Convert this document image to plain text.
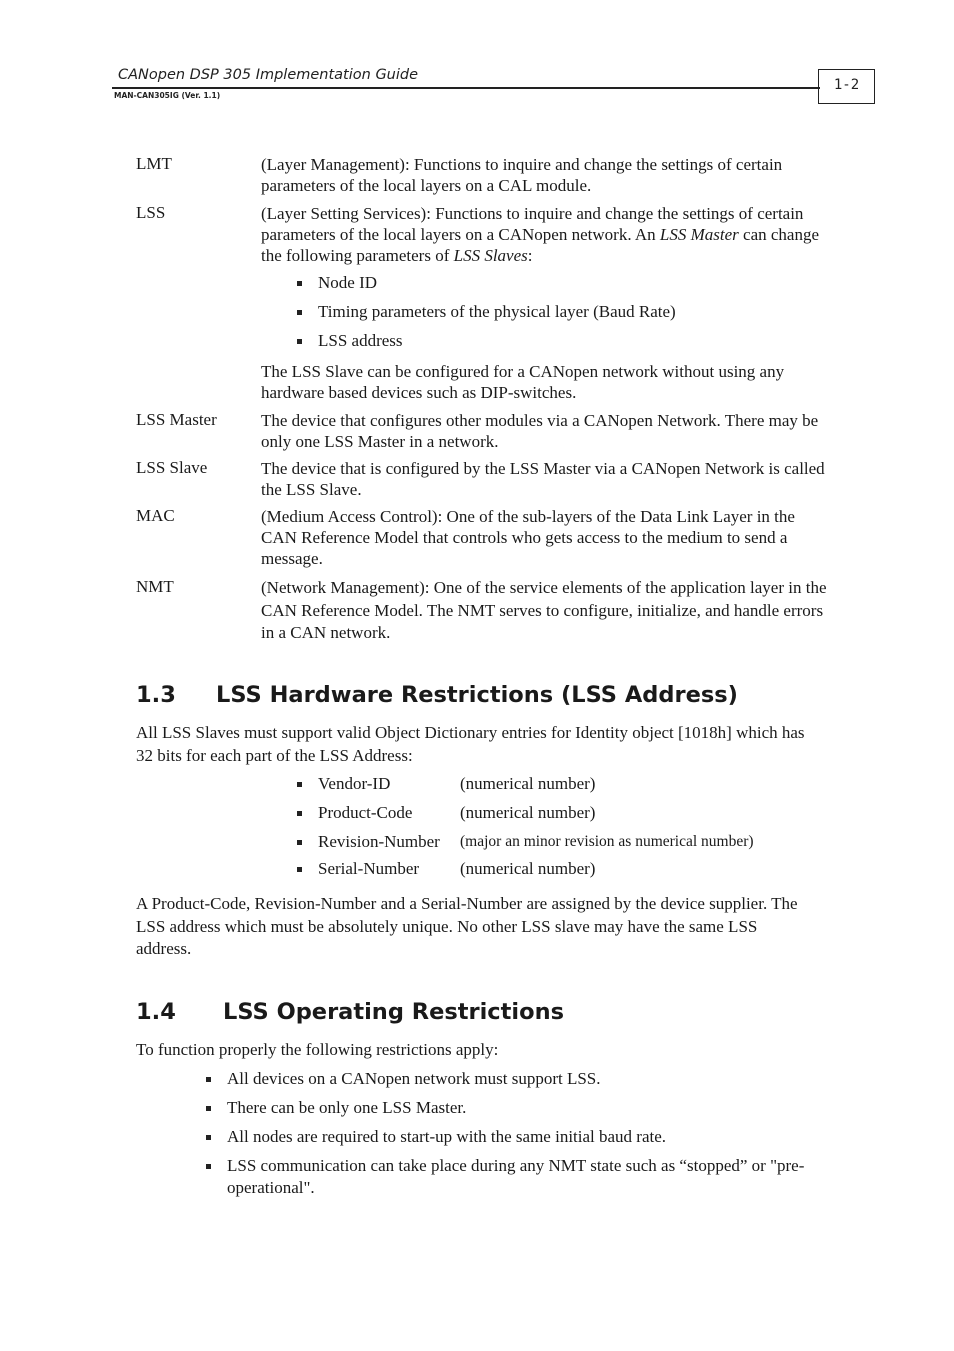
CANopen DSP 305 Implementation Guide
MAN-CAN305IG (Ver. 1.1)
1-2
LMT	(Layer Management): Functions to inquire and change the settings of certain parameters of the local layers on a CAL module.
LSS	(Layer Setting Services): Functions to inquire and change the settings of certain parameters of the local layers on a CANopen network. An LSS Master can change the following parameters of LSS Slaves:
Node ID
Timing parameters of the physical layer (Baud Rate)
LSS address
The LSS Slave can be configured for a CANopen network without using any hardware based devices such as DIP-switches.
LSS Master	The device that configures other modules via a CANopen Network. There may be only one LSS Master in a network.
LSS Slave	The device that is configured by the LSS Master via a CANopen Network is called the LSS Slave.
MAC	(Medium Access Control): One of the sub-layers of the Data Link Layer in the CAN Reference Model that controls who gets access to the medium to send a message.
NMT	(Network Management): One of the service elements of the application layer in the CAN Reference Model. The NMT serves to configure, initialize, and handle errors in a CAN network.
1.3 LSS Hardware Restrictions (LSS Address)
All LSS Slaves must support valid Object Dictionary entries for Identity object [1018h] which has 32 bits for each part of the LSS Address:
Vendor-ID	(numerical number)
Product-Code	(numerical number)
Revision-Number (major an minor revision as numerical number)
Serial-Number (numerical number)
A Product-Code, Revision-Number and a Serial-Number are assigned by the device supplier. The LSS address which must be absolutely unique. No other LSS slave may have the same LSS address.
1.4 LSS Operating Restrictions
To function properly the following restrictions apply:
All devices on a CANopen network must support LSS.
There can be only one LSS Master.
All nodes are required to start-up with the same initial baud rate.
LSS communication can take place during any NMT state such as “stopped” or "pre-operational".
